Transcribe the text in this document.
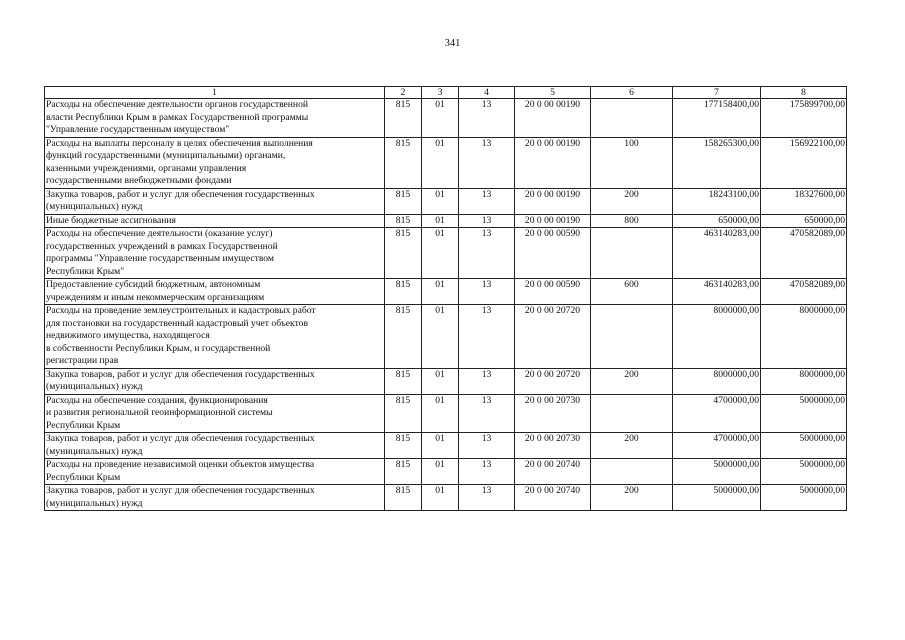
341
1	2	3	4	5	6	7	8

Расходы на обеспечение деятельности органов государственной
власти Республики Крым в рамках Государственной программы
"Управление государственным имуществом"	815	01	13	20 0 00 00190		177158400,00	175899700,00

Расходы на выплаты персоналу в целях обеспечения выполнения
функций государственными (муниципальными) органами,
казенными учреждениями, органами управления
государственными внебюджетными фондами	815	01	13	20 0 00 00190	100	158265300,00	156922100,00

Закупка товаров, работ и услуг для обеспечения государственных
(муниципальных) нужд	815	01	13	20 0 00 00190	200	18243100,00	18327600,00

Иные бюджетные ассигнования	815	01	13	20 0 00 00190	800	650000,00	650000,00

Расходы на обеспечение деятельности (оказание услуг)
государственных учреждений в рамках Государственной
программы "Управление государственным имуществом
Республики Крым"	815	01	13	20 0 00 00590		463140283,00	470582089,00

Предоставление субсидий бюджетным, автономным
учреждениям и иным некоммерческим организациям	815	01	13	20 0 00 00590	600	463140283,00	470582089,00

Расходы на проведение землеустроительных и кадастровых работ
для постановки на государственный кадастровый учет объектов
недвижимого имущества, находящегося
в собственности Республики Крым, и государственной
регистрации прав	815	01	13	20 0 00 20720		8000000,00	8000000,00

Закупка товаров, работ и услуг для обеспечения государственных
(муниципальных) нужд	815	01	13	20 0 00 20720	200	8000000,00	8000000,00

Расходы на обеспечение создания, функционирования
и развития региональной геоинформационной системы
Республики Крым	815	01	13	20 0 00 20730		4700000,00	5000000,00

Закупка товаров, работ и услуг для обеспечения государственных
(муниципальных) нужд	815	01	13	20 0 00 20730	200	4700000,00	5000000,00

Расходы на проведение независимой оценки объектов имущества
Республики Крым	815	01	13	20 0 00 20740		5000000,00	5000000,00

Закупка товаров, работ и услуг для обеспечения государственных
(муниципальных) нужд	815	01	13	20 0 00 20740	200	5000000,00	5000000,00
